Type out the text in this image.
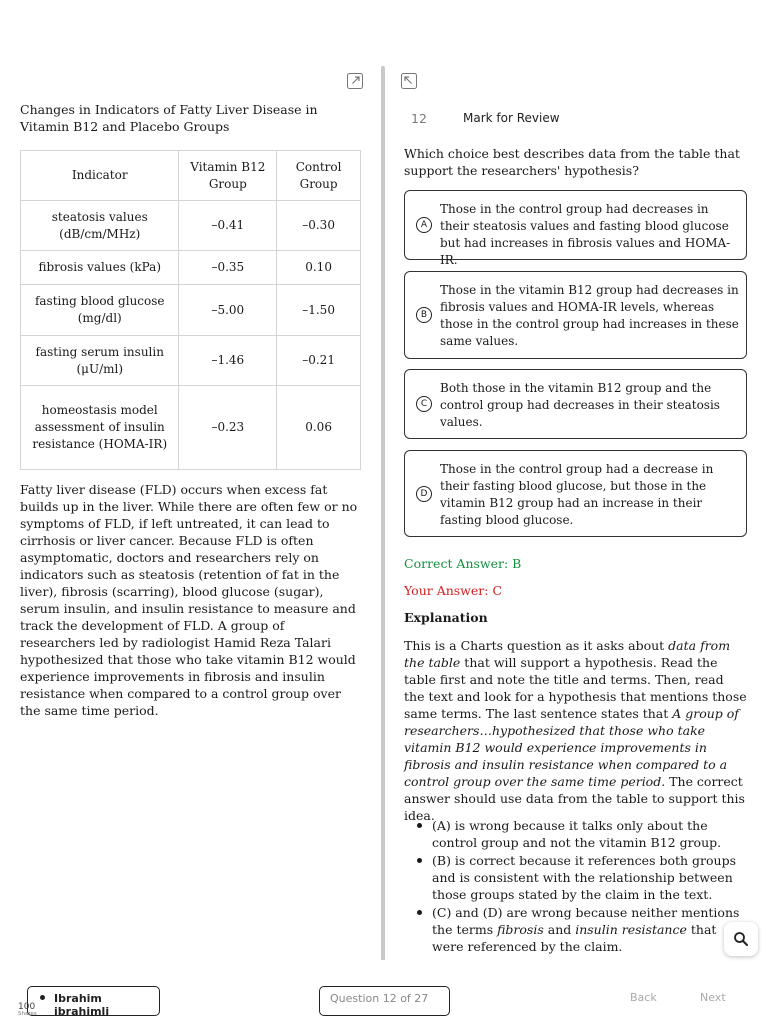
Changes in Indicators of Fatty Liver Disease in Vitamin B12 and Placebo Groups
Indicator	Vitamin B12 Group	Control Group
steatosis values (dB/cm/MHz)	–0.41	–0.30
fibrosis values (kPa)	–0.35	0.10
fasting blood glucose (mg/dl)	–5.00	–1.50
fasting serum insulin (μU/ml)	–1.46	–0.21
homeostasis model assessment of insulin resistance (HOMA-IR)	–0.23	0.06
Fatty liver disease (FLD) occurs when excess fat builds up in the liver. While there are often few or no symptoms of FLD, if left untreated, it can lead to cirrhosis or liver cancer. Because FLD is often asymptomatic, doctors and researchers rely on indicators such as steatosis (retention of fat in the liver), fibrosis (scarring), blood glucose (sugar), serum insulin, and insulin resistance to measure and track the development of FLD. A group of researchers led by radiologist Hamid Reza Talari hypothesized that those who take vitamin B12 would experience improvements in fibrosis and insulin resistance when compared to a control group over the same time period.
12	Mark for Review
Which choice best describes data from the table that support the researchers' hypothesis?
A
Those in the control group had decreases in their steatosis values and fasting blood glucose but had increases in fibrosis values and HOMA-IR.
B
Those in the vitamin B12 group had decreases in fibrosis values and HOMA-IR levels, whereas those in the control group had increases in these same values.
C
Both those in the vitamin B12 group and the control group had decreases in their steatosis values.
D
Those in the control group had a decrease in their fasting blood glucose, but those in the vitamin B12 group had an increase in their fasting blood glucose.
Correct Answer: B
Your Answer: C
Explanation
This is a Charts question as it asks about data from the table that will support a hypothesis. Read the table first and note the title and terms. Then, read the text and look for a hypothesis that mentions those same terms. The last sentence states that A group of researchers…hypothesized that those who take vitamin B12 would experience improvements in fibrosis and insulin resistance when compared to a control group over the same time period. The correct answer should use data from the table to support this idea.
(A) is wrong because it talks only about the control group and not the vitamin B12 group.
(B) is correct because it references both groups and is consistent with the relationship between those groups stated by the claim in the text.
(C) and (D) are wrong because neither mentions the terms fibrosis and insulin resistance that were referenced by the claim.
Ibrahim ibrahimli
Question 12 of 27	Back	Next
100
Shares
